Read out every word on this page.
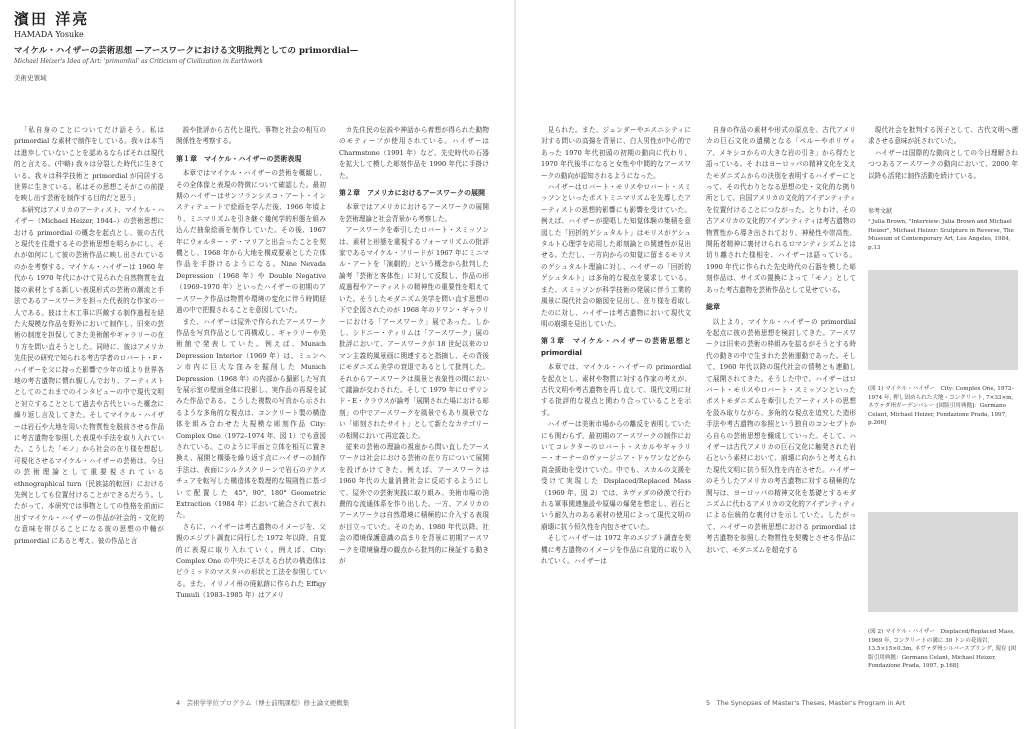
濱田 洋亮

HAMADA Yosuke

マイケル・ハイザーの芸術思想 —アースワークにおける文明批判としての primordial—

Michael Heizer's Idea of Art: 'primordial' as Criticism of Civilization in Earthwork

美術史領域

「私自身のことについてだけ話そう。私は primordial な素材で制作をしている。我々は本当は進歩していないことを認めるならばそれは現代的と言える。(中略) 我々は分裂した時代に生きている。我々は科学技術と primordial が同居する世界に生きている。私はその思想こそがこの前提を映し出す芸術を制作する目的だと思う」

本研究はアメリカのアーティスト、マイケル・ハイザー（Michael Heizer, 1944–）の芸術思想における primordial の概念を起点とし、彼の古代と現代を往還するその芸術思想を明らかにし、それが如何にして彼の芸術作品に映し出されているのかを考察する。マイケル・ハイザーは 1960 年代から 1970 年代にかけて見られた自然物質を直接の素材とする新しい表現形式の芸術の潮流と手法であるアースワークを担った代表的な作家の一人である。彼は土木工事に匹敵する制作過程を経た大規模な作品を野外において制作し、旧来の芸術の制度を担保してきた美術館やギャラリーの在り方を問い直そうとした。同時に、彼はアメリカ先住民の研究で知られる考古学者のロバート・F・ハイザーを父に持った影響で少年の頃より世界各地の考古遺物に慣れ親しんでおり、アーティストとしてのこれまでのインタビューの中で現代文明と対立することとして過去や古代といった概念に繰り返し言及してきた。そしてマイケル・ハイザーは岩石や大地を用いた物質性を脱前させる作品に考古遺物を参照した表現や手法を取り入れていた。こうした「モノ」から社会の在り様を想起し可視化させるマイケル・ハイザーの芸術は、今日の芸術理論として重要視されている ethnographical turn（民族誌的転回）における先例としても位置付けることができるだろう。したがって、本研究では事物としての性格を前面に出すマイケル・ハイザーの作品が社会的・文化的な意味を帯びることになる彼の思想の中軸が primordial にあると考え、彼の作品と言

説や批評から古代と現代、事物と社会の相互の関係性を考察する。

第１章　マイケル・ハイザーの芸術表現

本章ではマイケル・ハイザーの芸術を概観し、その全体像と表現の特徴について確認した。最初期のハイザーはサンフランシスコ・アート・インスティテュートで絵画を学んだ後、1966 年頃より、ミニマリズムを引き継ぐ幾何学的形態を組み込んだ抽象絵画を制作していた。その後、1967 年にウォルター・デ・マリアと出会ったことを契機とし、1968 年から大地を構成要素とした立体作品を手掛けるようになる。Nine Nevada Depression（1968 年）や Double Negative（1969–1970 年）といったハイザーの初期のアースワーク作品は物質や環境の変化に伴う時間経過の中で把握されることを意図していた。

また、ハイザーは屋外で作られたアースワーク作品を写真作品として再構成し、ギャラリーや美術館で発表していた。例えば、Munich Depression Interior（1969 年）は、ミュンヘン市内に巨大な窪みを掘削した Munich Depression（1968 年）の内部から撮影した写真を展示室の壁面全体に投影し、実作品の再現を試みた作品である。こうした複数の写真から示されるような多角的な視点は、コンクリート製の構造体を組み合わせた大規模な彫刻作品 City: Complex One（1972–1974 年、図 1）でも意図されている。このように平面と立体を相互に置き換え、展開と構築を繰り返す点にハイザーの制作手法は、表面にシルクスクリーンで岩石のテクスチュアを転写した構造体を数理的な規則性に基づいて配置した 45°, 90°, 180° Geometric Extraction（1984 年）において統合されて表れた。

さらに、ハイザーは考古遺物のイメージを、父親のエジプト調査に同行した 1972 年以降、自覚的に表現に取り入れていく。例えば、City: Complex One の中央にそびえる台状の構造体はピラミッドのマスタバの形状と工法を参照している。また、イリノイ州の廃鉱跡に作られた Effigy Tumuli（1983–1985 年）はアメリ

カ先住民の伝説や神話から着想が得られた動物のモティーフが使用されている。ハイザーは Charmstone（1991 年）など、先史時代の石器を拡大して模した彫刻作品を 1990 年代に手掛けた。

第２章　アメリカにおけるアースワークの展開

本章ではアメリカにおけるアースワークの展開を芸術理論と社会背景から考察した。

アースワークを牽引したロバート・スミッソンは、素材と形態を重視するフォーマリズムの批評家であるマイケル・フリードが 1967 年にミニマル・アートを「演劇的」という概念から批判した論考「芸術と客体性」に対して反駁し、作品の形成過程やアーティストの精神性の重要性を唱えていた。そうしたモダニズム美学を問い直す思想の下で企図されたのが 1968 年のドワン・ギャラリーにおける「アースワーク」展であった。しかし、シドニー・ティリムは「アースワーク」展の批評において、アースワークが 18 世紀以来のロマン主義的風景画に関連すると指摘し、その背後にモダニズム美学の衰退であるとして批判した。それからアースワークは風景と表象性の間において議論が交わされた。そして 1979 年にロザリンド・E・クラウスが論考「展開された場における彫刻」の中でアースワークを風景でもあり風景でない「彫刻されたサイト」として新たなカテゴリーの相関において再定義した。

従来の芸術の理論の視座から問い直したアースワークは社会における芸術の在り方について展開を投げかけてきた。例えば、アースワークは 1960 年代の大量消費社会に反応するようにして、屋外での芸術実践に取り組み、美術市場の消費的な流通体系を作り出した。一方、アメリカのアースワークは自然環境に積極的に介入する表現が目立っていた。そのため、1980 年代以降、社会の環境保護意識の高まりを背景に初期アースワークを環境倫理の観点から批判的に検証する動きが

見られた。また、ジェンダーやエスニシティに対する問いの高揚を背景に、白人男性が中心的であった 1970 年代初頭の初期の動向に代わり、1970 年代後半になると女性や中間的なアースワークの動向が認知されるようになった。

ハイザーはロバート・モリスやロバート・スミッソンといったポストミニマリズムを先導したアーティストの思想的影響にも影響を受けていた。例えば、ハイザーが提唱した知覚体験の集積を意図した「回折的ゲシュタルト」はモリスがゲシュタルト心理学を応用した彫刻論との関連性が見出せる。ただし、一方向からの知覚に留まるモリスのゲシュタルト理論に対し、ハイザーの「回折的ゲシュタルト」は多角的な視点を要求している。また、スミッソンが科学技術の発展に伴う工業的風景に現代社会の縮図を見出し、在り様を看取したのに対し、ハイザーは考古遺物において現代文明の崩壊を見出していた。

第３章　マイケル・ハイザーの芸術思想と primordial

本章では、マイケル・ハイザーの primordial を起点とし、素材や物質に対する作家の考えが、古代文明や考古遺物を再し直して、現代文明に対する批評的な視点と関わり合っていることを示す。

ハイザーは美術市場からの離反を表明していたにも関わらず、最初期のアースワークの制作においてコレクターのロバート・スカルやギャラリー・オーナーのヴァージニア・ドゥワンなどから資金援助を受けていた。中でも、スカルの支援を受けて実現した Displaced/Replaced Mass（1969 年、図 2）では、ネヴァダの砂漠で行われる軍事関連施設や原爆の爆発を想定し、岩石という耐久力のある素材の使用によって現代文明の崩壊に抗う恒久性を内包させていた。

そしてハイザーは 1972 年のエジプト調査を契機に考古遺物のイメージを作品に自覚的に取り入れていく。ハイザーは

自身の作品の素材や形式の原点を、古代アメリカの巨石文化の遺構となる「ペルーやボリヴィア、メキシコからの大きな岩の引き」から得たと語っている。そ れはヨーロッパの精神文化を支えたモダニズムからの決別を表明するハイザーにとって、その代わりとなる思想の史・文化的な拠り所として、自国アメリカの文化的アイデンティティを位置付けることにつながった。とりわけ、その古アメリカの文化的アイデンティティは考古遺物の物質性から導き出されており、神秘性や崇高性、開拓者精神に裏付けられるロマンティシズムとは切り離された様相を、ハイザーは語っている。1990 年代に作られた先史時代の石器を模した彫刻作品は、サイズの置換によって「モノ」としてあった考古遺物を芸術作品として見せている。

総章

以上より、マイケル・ハイザーの primordial を起点に彼の芸術思想を検討してきた。アースワークは旧来の芸術の枠組みを揺るがそうとする時代の動きの中で生まれた芸術運動であった。そして、1960 年代以降の現代社会の情勢とも連動して展開されてきた。そうした中で、ハイザーはロバート・モリスやロバート・スミッソンといったポストモダニズムを牽引したアーティストの思想を汲み取りながら、多角的な視点を追究した造形手法や考古遺物の参照という独自のコンセプトから自らの芸術思想を醸成していった。そして、ハイザーは古代アメリカの巨石文化に触発された岩石という素材において、崩壊に向かうと考えられた現代文明に抗う恒久性を内在させた。ハイザーのそうしたアメリカの考古遺物に対する積極的な関与は、ヨーロッパの精神文化を基礎とするモダニズムに代わるアメリカの文化的アイデンティティによる伝統的な裏付けを示していた。したがって、ハイザーの芸術思想における primordial は考古遺物を参照した物質性を契機とさせる作品において、モダニズムを超克する

現代社会を批判する因子として、古代文明へ遡求させる意味が託されていた。

ハイザーは国際的な動向としての今日理解されつつあるアースワークの動向において、2000 年以降も活発に制作活動を続けている。

参考文献

¹ Julia Brown, "Interview: Julia Brown and Michael Heizer", Michael Heizer: Sculpture in Reverse, The Museum of Contemporary Art, Los Angeles, 1984, p.13

(図 1) マイケル・ハイザー　City: Complex One, 1972–1974 年, 押し固められた大地・コンクリート, 7×33×m, ネヴァダ州ガーデンバレー [図版引用典拠]：Germano Celant, Michael Heizer, Fondazione Prada, 1997, p.266]
(図 2) マイケル・ハイザー　Displaced/Replaced Mass, 1969 年, コンクリートの溝に 30 トンの花崗岩, 13.5×15×0.3m, ネヴァダ州シルバースプリング, 現存 [図版引用典拠：Germano Celant, Michael Heizer, Fondazione Prada, 1997, p.168]
4　芸術学学位プログラム（博士前期課程）修士論文梗概集	5　The Synopses of Master's Theses, Master's Program in Art
